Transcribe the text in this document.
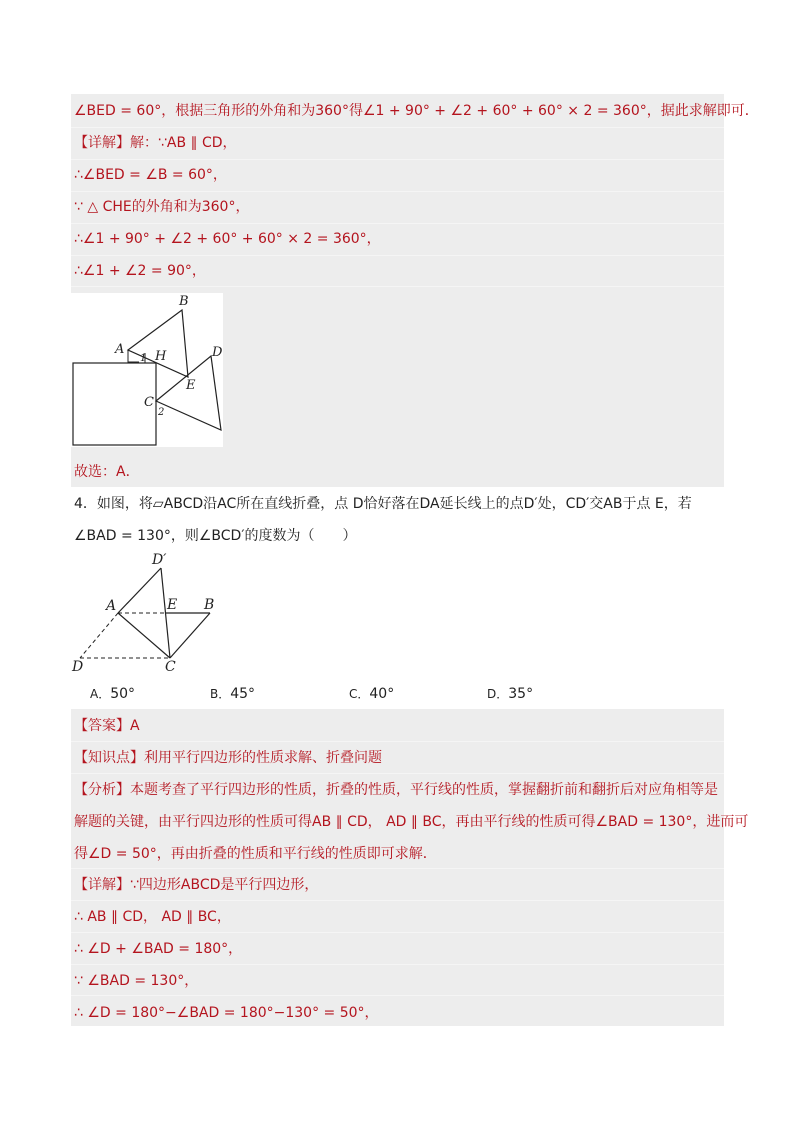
∠BED = 60°，根据三角形的外角和为360°得∠1 + 90° + ∠2 + 60° + 60° × 2 = 360°，据此求解即可．
【详解】解：∵AB ∥ CD，
∴∠BED = ∠B = 60°，
∵ △ CHE的外角和为360°，
∴∠1 + 90° + ∠2 + 60° + 60° × 2 = 360°，
∴∠1 + ∠2 = 90°，
B
A H	D
E
C
1
2
故选：A．
4．如图，将▱ABCD沿AC所在直线折叠，点 D恰好落在DA延长线上的点D′处，CD′交AB于点 E，若
∠BAD = 130°，则∠BCD′的度数为（　　）
D′
A	E B
D	C
A．50°	B．45°	C．40°	D．35°
【答案】A
【知识点】利用平行四边形的性质求解、折叠问题
【分析】本题考查了平行四边形的性质，折叠的性质，平行线的性质，掌握翻折前和翻折后对应角相等是
解题的关键，由平行四边形的性质可得AB ∥ CD， AD ∥ BC，再由平行线的性质可得∠BAD = 130°，进而可
得∠D = 50°，再由折叠的性质和平行线的性质即可求解．
【详解】∵四边形ABCD是平行四边形，
∴ AB ∥ CD， AD ∥ BC，
∴ ∠D + ∠BAD = 180°，
∵ ∠BAD = 130°，
∴ ∠D = 180°−∠BAD = 180°−130° = 50°，
